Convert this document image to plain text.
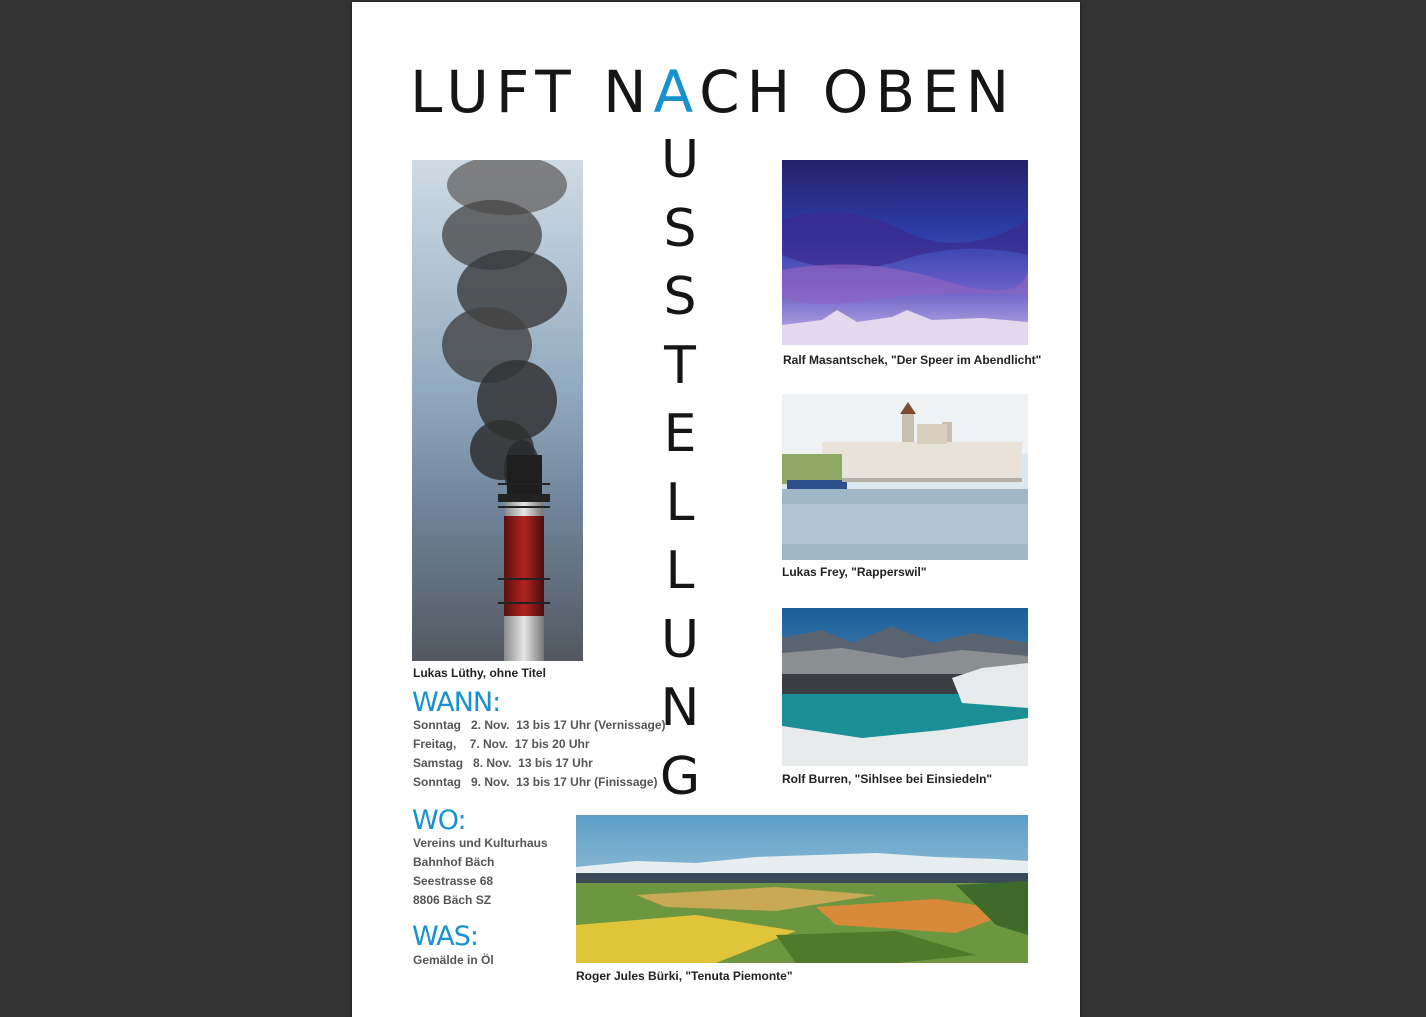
LUFT NACH OBEN
U
S
S
T
E
L
L
U
N
G
Lukas Lüthy, ohne Titel
Ralf Masantschek, "Der Speer im Abendlicht"
Lukas Frey, "Rapperswil"
Rolf Burren, "Sihlsee bei Einsiedeln"
Roger Jules Bürki, "Tenuta Piemonte"
WANN:
Sonntag   2. Nov.  13 bis 17 Uhr (Vernissage)
Freitag,    7. Nov.  17 bis 20 Uhr
Samstag   8. Nov.  13 bis 17 Uhr
Sonntag   9. Nov.  13 bis 17 Uhr (Finissage)
WO:
Vereins und Kulturhaus
Bahnhof Bäch
Seestrasse 68
8806 Bäch SZ
WAS:
Gemälde in Öl
